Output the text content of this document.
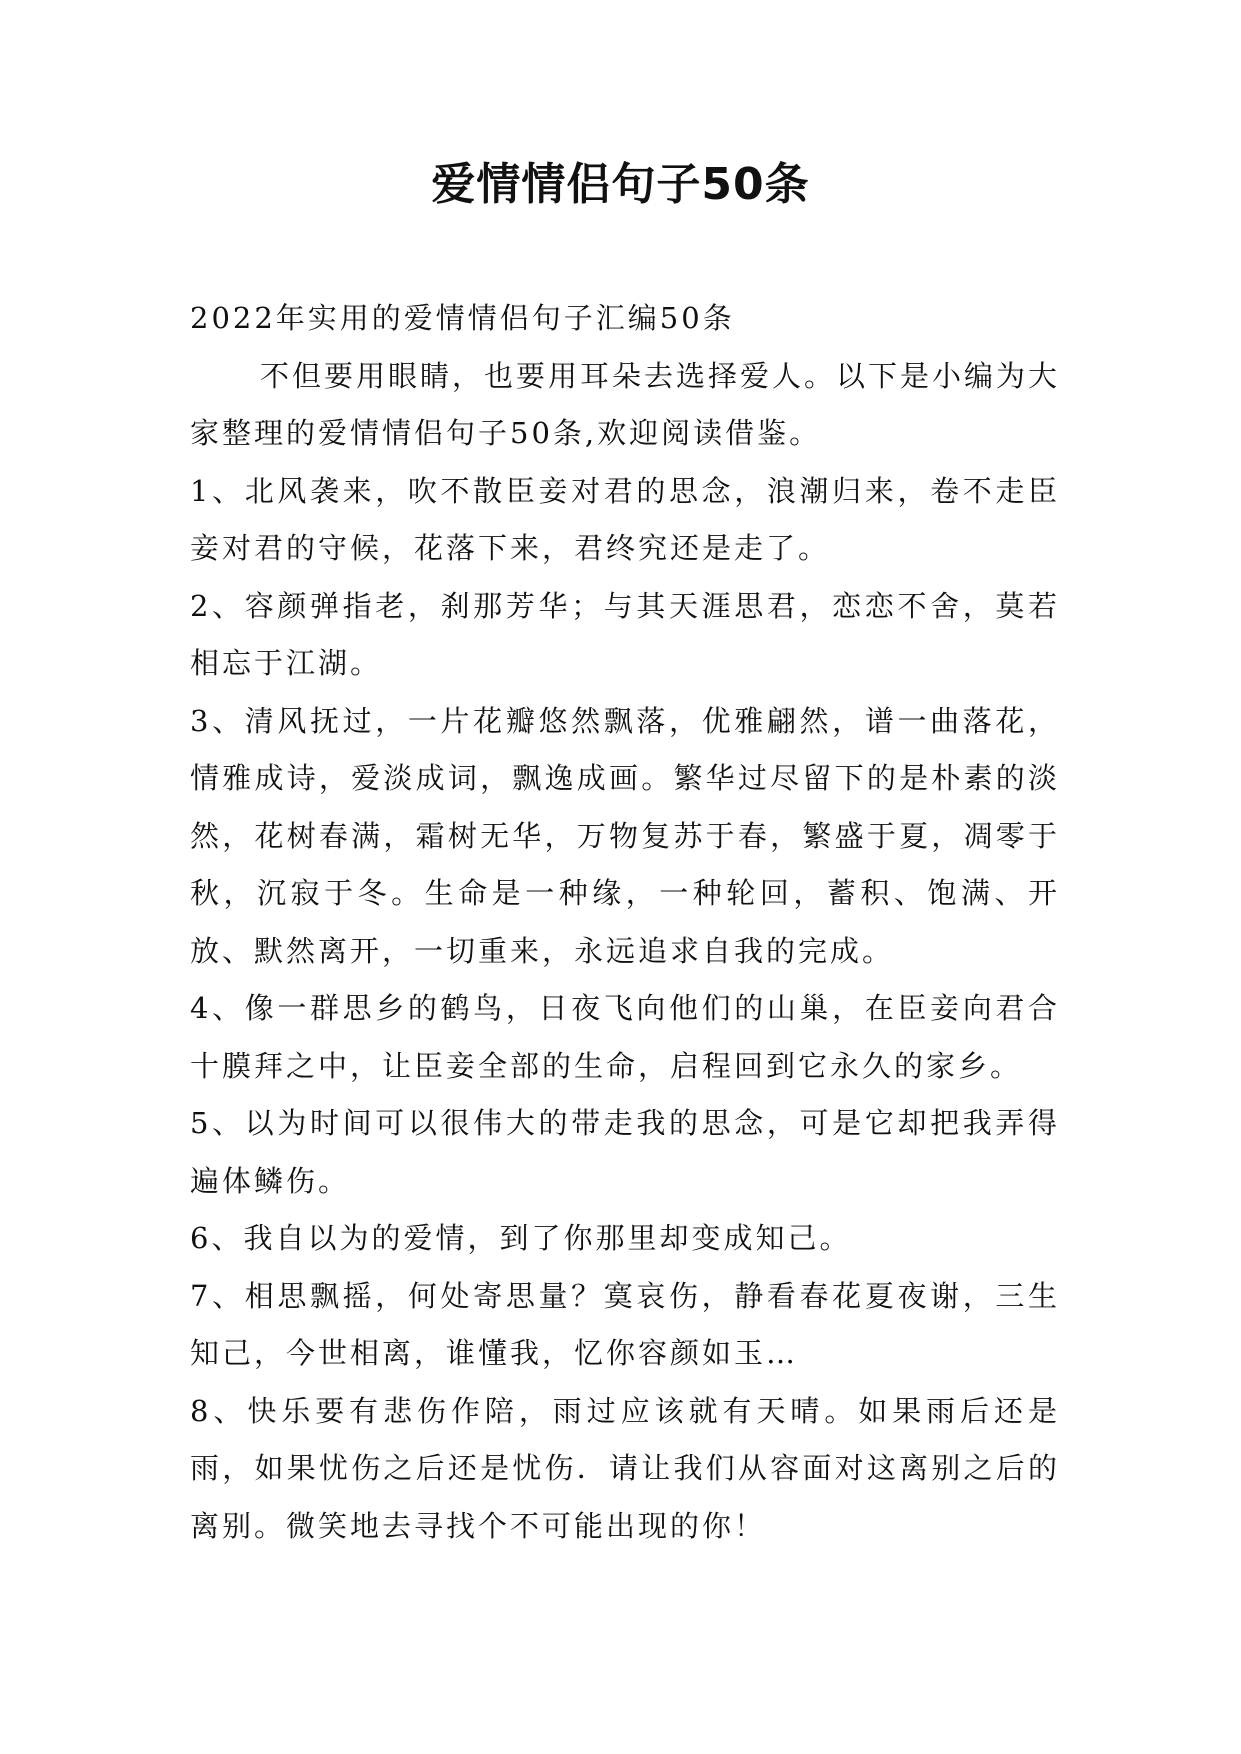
爱情情侣句子50条

2022年实用的爱情情侣句子汇编50条

不但要用眼睛，也要用耳朵去选择爱人。以下是小编为大家整理的爱情情侣句子50条,欢迎阅读借鉴。

1、北风袭来，吹不散臣妾对君的思念，浪潮归来，卷不走臣妾对君的守候，花落下来，君终究还是走了。

2、容颜弹指老，刹那芳华；与其天涯思君，恋恋不舍，莫若相忘于江湖。

3、清风抚过，一片花瓣悠然飘落，优雅翩然，谱一曲落花，情雅成诗，爱淡成词，飘逸成画。繁华过尽留下的是朴素的淡然，花树春满，霜树无华，万物复苏于春，繁盛于夏，凋零于秋，沉寂于冬。生命是一种缘，一种轮回，蓄积、饱满、开放、默然离开，一切重来，永远追求自我的完成。

4、像一群思乡的鹤鸟，日夜飞向他们的山巢，在臣妾向君合十膜拜之中，让臣妾全部的生命，启程回到它永久的家乡。

5、以为时间可以很伟大的带走我的思念，可是它却把我弄得遍体鳞伤。

6、我自以为的爱情，到了你那里却变成知己。

7、相思飘摇，何处寄思量？寞哀伤，静看春花夏夜谢，三生知己，今世相离，谁懂我，忆你容颜如玉…

8、快乐要有悲伤作陪，雨过应该就有天晴。如果雨后还是雨，如果忧伤之后还是忧伤．请让我们从容面对这离别之后的离别。微笑地去寻找个不可能出现的你！
